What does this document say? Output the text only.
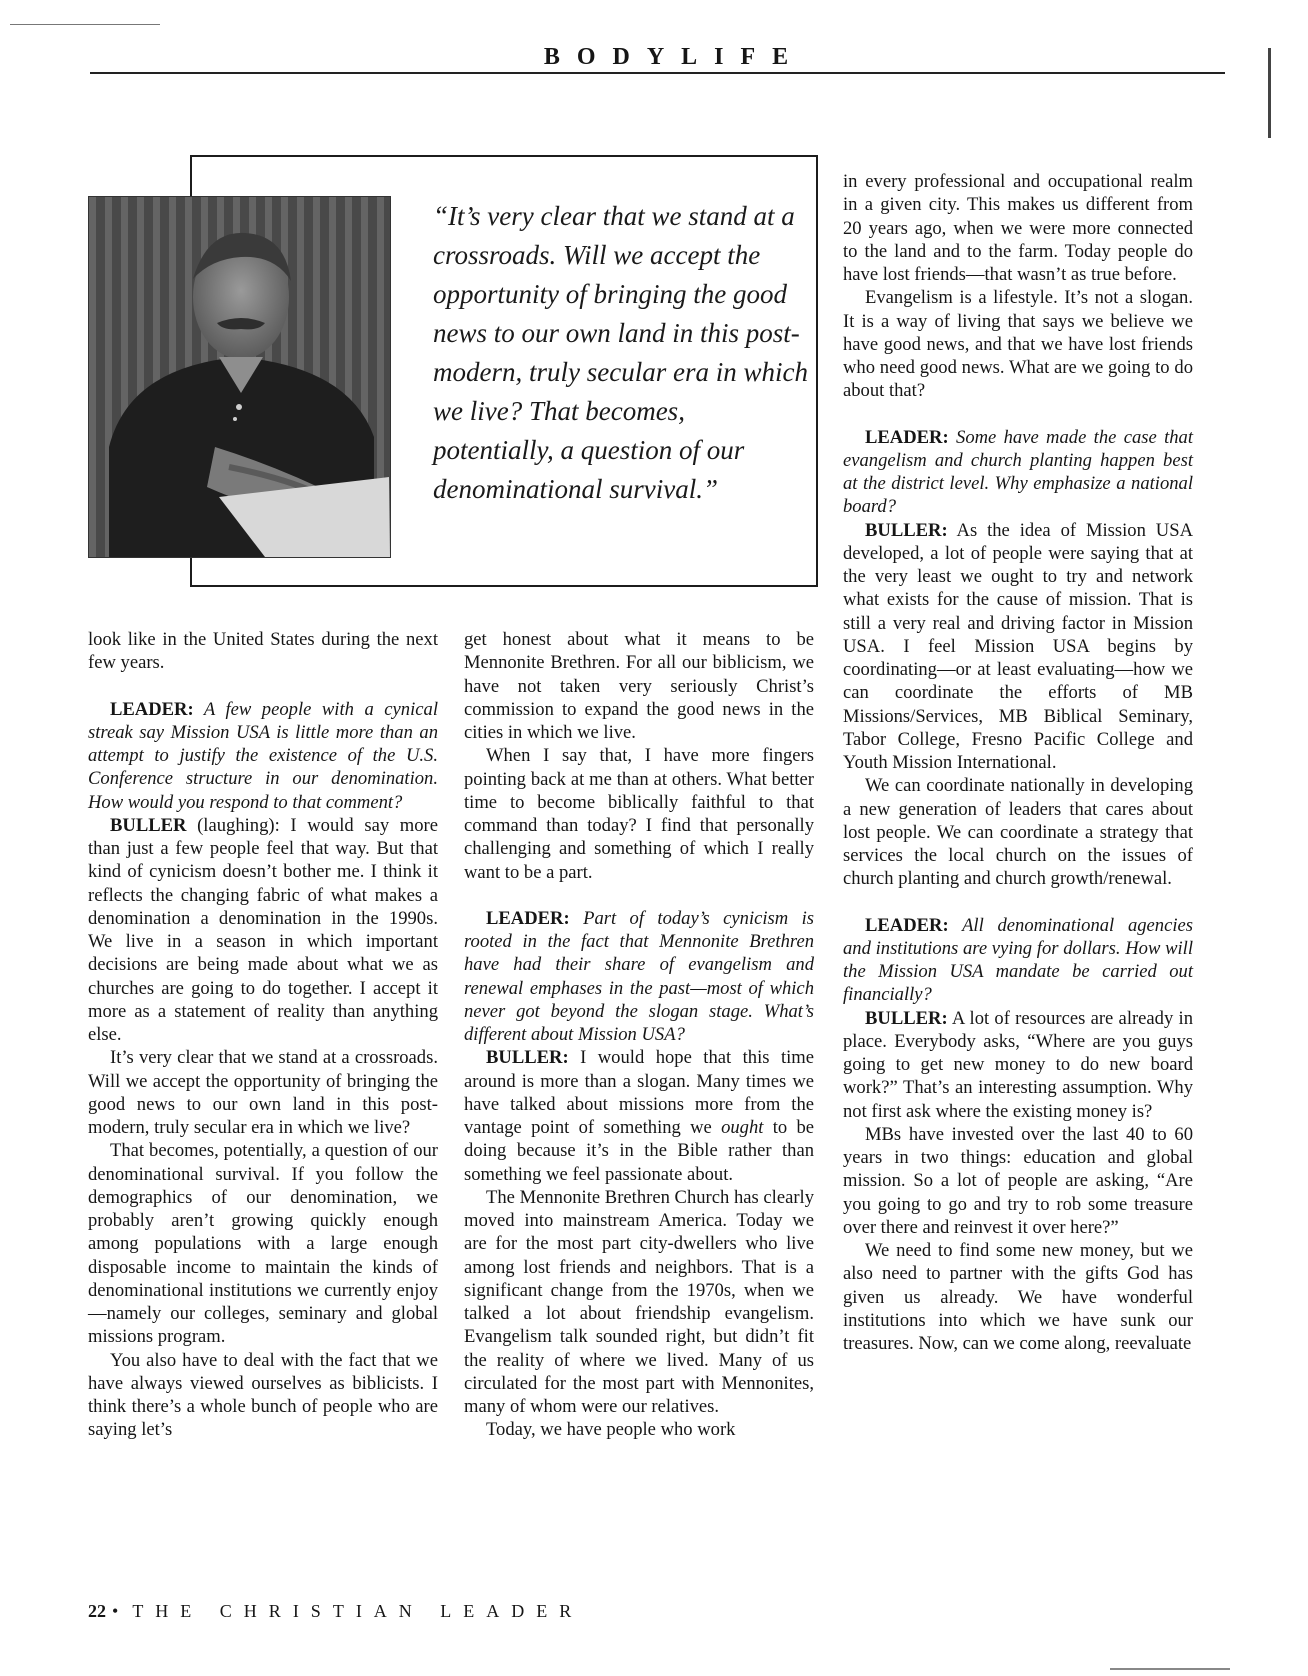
BODYLIFE
“It’s very clear that we stand at a crossroads. Will we accept the opportunity of bringing the good news to our own land in this post-modern, truly secular era in which we live? That becomes, potentially, a question of our denominational survival.”

look like in the United States during the next few years.

LEADER: A few people with a cynical streak say Mission USA is little more than an attempt to justify the existence of the U.S. Conference structure in our denomination. How would you respond to that comment?

BULLER (laughing): I would say more than just a few people feel that way. But that kind of cynicism doesn’t bother me. I think it reflects the changing fabric of what makes a denomination a denomination in the 1990s. We live in a season in which important decisions are being made about what we as churches are going to do together. I accept it more as a statement of reality than anything else.

It’s very clear that we stand at a crossroads. Will we accept the opportunity of bringing the good news to our own land in this post-modern, truly secular era in which we live?

That becomes, potentially, a question of our denominational survival. If you follow the demographics of our denomination, we probably aren’t growing quickly enough among populations with a large enough disposable income to maintain the kinds of denominational institutions we currently enjoy—namely our colleges, seminary and global missions program.

You also have to deal with the fact that we have always viewed ourselves as biblicists. I think there’s a whole bunch of people who are saying let’s

get honest about what it means to be Mennonite Brethren. For all our biblicism, we have not taken very seriously Christ’s commission to expand the good news in the cities in which we live.

When I say that, I have more fingers pointing back at me than at others. What better time to become biblically faithful to that command than today? I find that personally challenging and something of which I really want to be a part.

LEADER: Part of today’s cynicism is rooted in the fact that Mennonite Brethren have had their share of evangelism and renewal emphases in the past—most of which never got beyond the slogan stage. What’s different about Mission USA?

BULLER: I would hope that this time around is more than a slogan. Many times we have talked about missions more from the vantage point of something we ought to be doing because it’s in the Bible rather than something we feel passionate about.

The Mennonite Brethren Church has clearly moved into mainstream America. Today we are for the most part city-dwellers who live among lost friends and neighbors. That is a significant change from the 1970s, when we talked a lot about friendship evangelism. Evangelism talk sounded right, but didn’t fit the reality of where we lived. Many of us circulated for the most part with Mennonites, many of whom were our relatives.

Today, we have people who work

in every professional and occupational realm in a given city. This makes us different from 20 years ago, when we were more connected to the land and to the farm. Today people do have lost friends—that wasn’t as true before.

Evangelism is a lifestyle. It’s not a slogan. It is a way of living that says we believe we have good news, and that we have lost friends who need good news. What are we going to do about that?

LEADER: Some have made the case that evangelism and church planting happen best at the district level. Why emphasize a national board?

BULLER: As the idea of Mission USA developed, a lot of people were saying that at the very least we ought to try and network what exists for the cause of mission. That is still a very real and driving factor in Mission USA. I feel Mission USA begins by coordinating—or at least evaluating—how we can coordinate the efforts of MB Missions/Services, MB Biblical Seminary, Tabor College, Fresno Pacific College and Youth Mission International.

We can coordinate nationally in developing a new generation of leaders that cares about lost people. We can coordinate a strategy that services the local church on the issues of church planting and church growth/renewal.

LEADER: All denominational agencies and institutions are vying for dollars. How will the Mission USA mandate be carried out financially?

BULLER: A lot of resources are already in place. Everybody asks, “Where are you guys going to get new money to do new board work?” That’s an interesting assumption. Why not first ask where the existing money is?

MBs have invested over the last 40 to 60 years in two things: education and global mission. So a lot of people are asking, “Are you going to go and try to rob some treasure over there and reinvest it over here?”

We need to find some new money, but we also need to partner with the gifts God has given us already. We have wonderful institutions into which we have sunk our treasures. Now, can we come along, reevaluate

22 • THE CHRISTIAN LEADER
